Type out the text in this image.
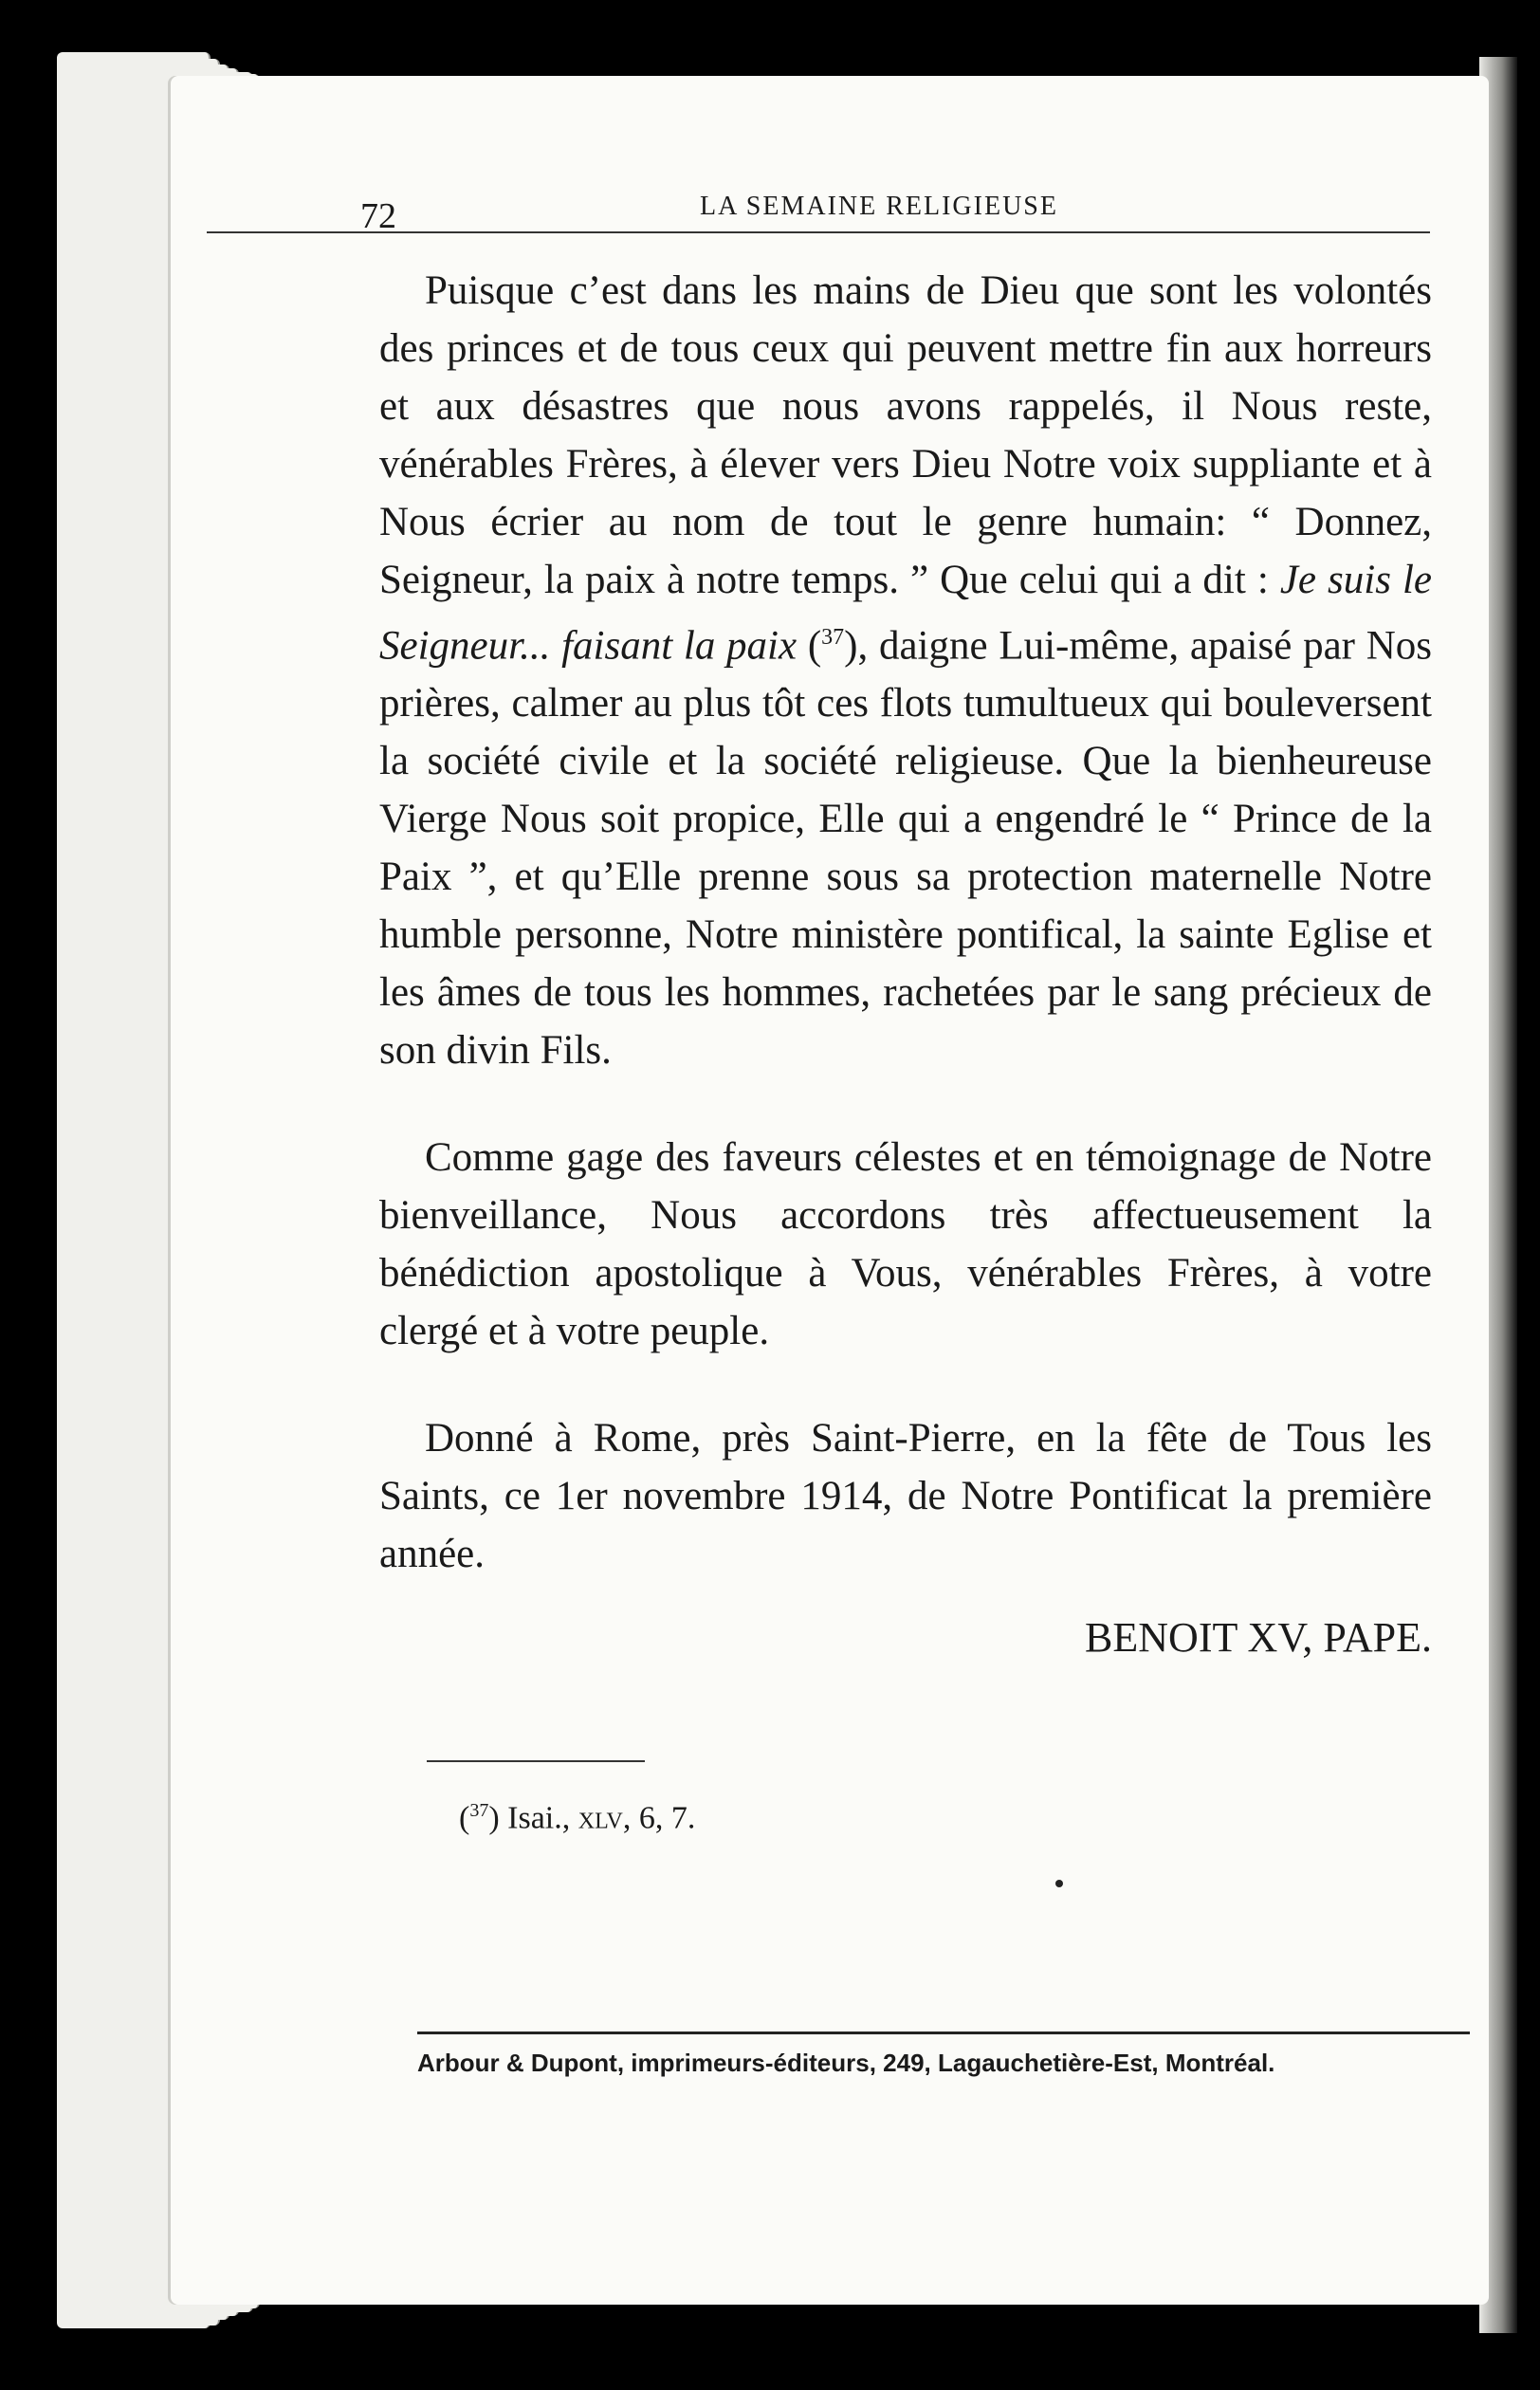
72	LA SEMAINE RELIGIEUSE

Puisque c’est dans les mains de Dieu que sont les volontés des princes et de tous ceux qui peuvent mettre fin aux horreurs et aux désastres que nous avons rappelés, il Nous reste, vénérables Frères, à élever vers Dieu Notre voix suppliante et à Nous écrier au nom de tout le genre humain: “ Donnez, Seigneur, la paix à notre temps. ” Que celui qui a dit : Je suis le Seigneur... faisant la paix ($^{37}$), daigne Lui-même, apaisé par Nos prières, calmer au plus tôt ces flots tumultueux qui bouleversent la société civile et la société religieuse. Que la bienheureuse Vierge Nous soit propice, Elle qui a engendré le “ Prince de la Paix ”, et qu’Elle prenne sous sa protection maternelle Notre humble personne, Notre ministère pontifical, la sainte Eglise et les âmes de tous les hommes, rachetées par le sang précieux de son divin Fils.

Comme gage des faveurs célestes et en témoignage de Notre bienveillance, Nous accordons très affectueusement la bénédiction apostolique à Vous, vénérables Frères, à votre clergé et à votre peuple.

Donné à Rome, près Saint-Pierre, en la fête de Tous les Saints, ce 1er novembre 1914, de Notre Pontificat la première année.

BENOIT XV, PAPE.
($^{37}$) Isai., xlv, 6, 7.
Arbour & Dupont, imprimeurs-éditeurs, 249, Lagauchetière-Est, Montréal.
